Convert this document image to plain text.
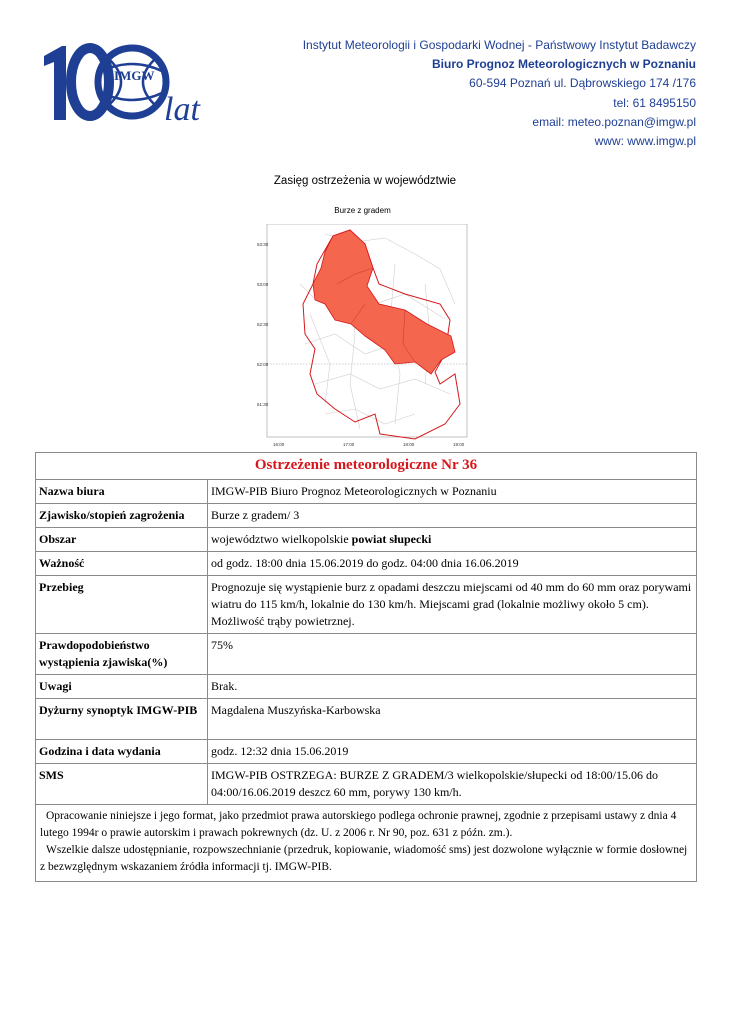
IMGW
lat
Instytut Meteorologii i Gospodarki Wodnej - Państwowy Instytut Badawczy
Biuro Prognoz Meteorologicznych w Poznaniu
60-594 Poznań ul. Dąbrowskiego 174 /176
tel: 61 8495150
email: meteo.poznan@imgw.pl
www: www.imgw.pl
Zasięg ostrzeżenia w województwie
Burze z gradem
53:30
53:00
52:30
52:00
51:30
16:00	17:00	18:00	19:00
Ostrzeżenie meteorologiczne Nr 36	
Nazwa biura	IMGW-PIB Biuro Prognoz Meteorologicznych w Poznaniu
Zjawisko/stopień zagrożenia	Burze z gradem/ 3
Obszar	województwo wielkopolskie powiat słupecki
Ważność	od godz. 18:00 dnia 15.06.2019 do godz. 04:00 dnia 16.06.2019
Przebieg	Prognozuje się wystąpienie burz z opadami deszczu miejscami od 40 mm do 60 mm oraz porywami wiatru do 115 km/h, lokalnie do 130 km/h. Miejscami grad (lokalnie możliwy około 5 cm). Możliwość trąby powietrznej.
Prawdopodobieństwo wystąpienia zjawiska(%)	75%
Uwagi	Brak.
Dyżurny synoptyk IMGW-PIB	Magdalena Muszyńska-Karbowska
Godzina i data wydania	godz. 12:32 dnia 15.06.2019
SMS	IMGW-PIB OSTRZEGA: BURZE Z GRADEM/3 wielkopolskie/słupecki od 18:00/15.06 do 04:00/16.06.2019 deszcz 60 mm, porywy 130 km/h.

Opracowanie niniejsze i jego format, jako przedmiot prawa autorskiego podlega ochronie prawnej, zgodnie z przepisami ustawy z dnia 4 lutego 1994r o prawie autorskim i prawach pokrewnych (dz. U. z 2006 r. Nr 90, poz. 631 z późn. zm.).

Wszelkie dalsze udostępnianie, rozpowszechnianie (przedruk, kopiowanie, wiadomość sms) jest dozwolone wyłącznie w formie dosłownej z bezwzględnym wskazaniem źródła informacji tj. IMGW-PIB.	
